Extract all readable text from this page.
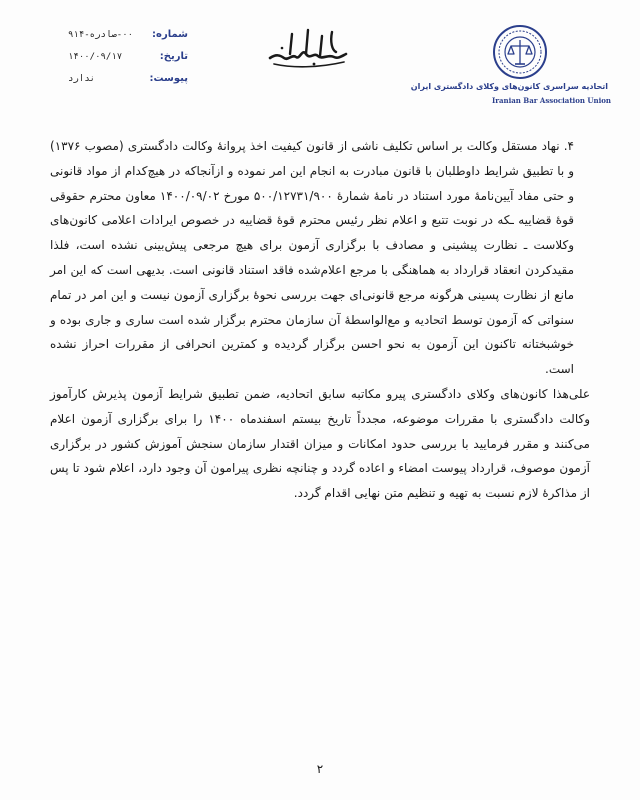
شماره:
۰۰-صادره-۹۱۴
تاریخ:
۱۴۰۰/۰۹/۱۷
پیوست:
ندارد
اتحادیه سراسری کانون‌های وکلای دادگستری ایران
Iranian Bar Association Union

۴. نهاد مستقل وکالت بر اساس تکلیف ناشی از قانون کیفیت اخذ پروانهٔ وکالت دادگستری (مصوب ۱۳۷۶) و با تطبیق شرایط داوطلبان با قانون مبادرت به انجام این امر نموده و ازآنجاکه در هیچ‌کدام از مواد قانونی و حتی مفاد آیین‌نامهٔ مورد استناد در نامهٔ شمارهٔ ۵۰۰/۱۲۷۳۱/۹۰۰ مورخ ۱۴۰۰/۰۹/۰۲ معاون محترم حقوقی قوهٔ قضاییه ـکه در نوبت تتبع و اعلام نظر رئیس محترم قوهٔ قضاییه در خصوص ایرادات اعلامی کانون‌های وکلاست ـ نظارت پیشینی و مصادف با برگزاری آزمون برای هیچ مرجعی پیش‌بینی نشده است، فلذا مقید‌کردن انعقاد قرارداد به هماهنگی با مرجع اعلام‌شده فاقد استناد قانونی است. بدیهی است که این امر مانع از نظارت پسینی هرگونه مرجع قانونی‌ای جهت بررسی نحوهٔ برگزاری آزمون نیست و این امر در تمام سنواتی که آزمون توسط اتحادیه و مع‌الواسطهٔ آن سازمان محترم برگزار شده است ساری و جاری بوده و خوشبختانه تاکنون این آزمون به نحو احسن برگزار گردیده و کمترین انحرافی از مقررات احراز نشده است.

علی‌هذا کانون‌های وکلای دادگستری پیرو مکاتبه سابق اتحادیه، ضمن تطبیق شرایط آزمون پذیرش کارآموز وکالت دادگستری با مقررات موضوعه، مجدداً تاریخ بیستم اسفندماه ۱۴۰۰ را برای برگزاری آزمون اعلام می‌کنند و مقرر فرمایید با بررسی حدود امکانات و میزان اقتدار سازمان سنجش آموزش کشور در برگزاری آزمون موصوف، قرارداد پیوست امضاء و اعاده گردد و چنانچه نظری پیرامون آن وجود دارد، اعلام شود تا پس از مذاکرهٔ لازم نسبت به تهیه و تنظیم متن نهایی اقدام گردد.

۲
